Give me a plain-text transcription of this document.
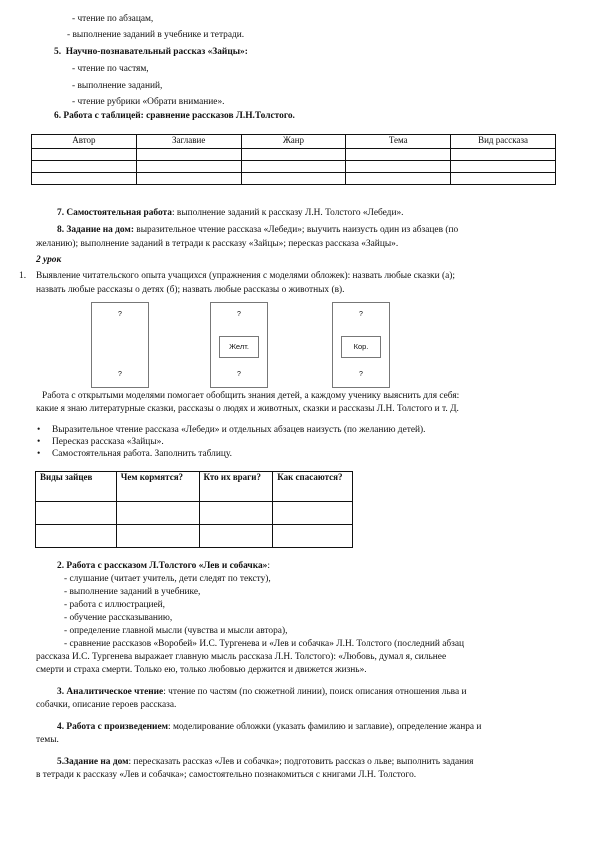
- чтение по абзацам,
- выполнение заданий в учебнике и тетради.
5. Научно-познавательный рассказ «Зайцы»:
- чтение по частям,
- выполнение заданий,
- чтение рубрики «Обрати внимание».
6. Работа с таблицей: сравнение рассказов Л.Н.Толстого.
Автор	Заглавие	Жанр	Тема	Вид рассказа

7. Самостоятельная работа: выполнение заданий к рассказу Л.Н. Толстого «Лебеди».
8. Задание на дом: выразительное чтение рассказа «Лебеди»; выучить наизусть один из абзацев (по
желанию); выполнение заданий в тетради к рассказу «Зайцы»; пересказ рассказа «Зайцы».
2 урок
1. Выявление читательского опыта учащихся (упражнения с моделями обложек): назвать любые сказки (а);
назвать любые рассказы о детях (б); назвать любые рассказы о животных (в).
?
?
?
Желт.
?
?
Кор.
?
Работа с открытыми моделями помогает обобщить знания детей, а каждому ученику выяснить для себя:
какие я знаю литературные сказки, рассказы о людях и животных, сказки и рассказы Л.Н. Толстого и т. Д.
• Выразительное чтение рассказа «Лебеди» и отдельных абзацев наизусть (по желанию детей).
• Пересказ рассказа «Зайцы».
• Самостоятельная работа. Заполнить таблицу.
Виды зайцев	Чем кормятся?	Кто их враги?	Как спасаются?

2. Работа с рассказом Л.Толстого «Лев и собачка»:
- слушание (читает учитель, дети следят по тексту),
- выполнение заданий в учебнике,
- работа с иллюстрацией,
- обучение рассказыванию,
- определение главной мысли (чувства и мысли автора),
- сравнение рассказов «Воробей» И.С. Тургенева и «Лев и собачка» Л.Н. Толстого (последний абзац
рассказа И.С. Тургенева выражает главную мысль рассказа Л.Н. Толстого): «Любовь, думал я, сильнее
смерти и страха смерти. Только ею, только любовью держится и движется жизнь».
3. Аналитическое чтение: чтение по частям (по сюжетной линии), поиск описания отношения льва и
собачки, описание героев рассказа.
4. Работа с произведением: моделирование обложки (указать фамилию и заглавие), определение жанра и
темы.
5.Задание на дом: пересказать рассказ «Лев и собачка»; подготовить рассказ о льве; выполнить задания
в тетради к рассказу «Лев и собачка»; самостоятельно познакомиться с книгами Л.Н. Толстого.
